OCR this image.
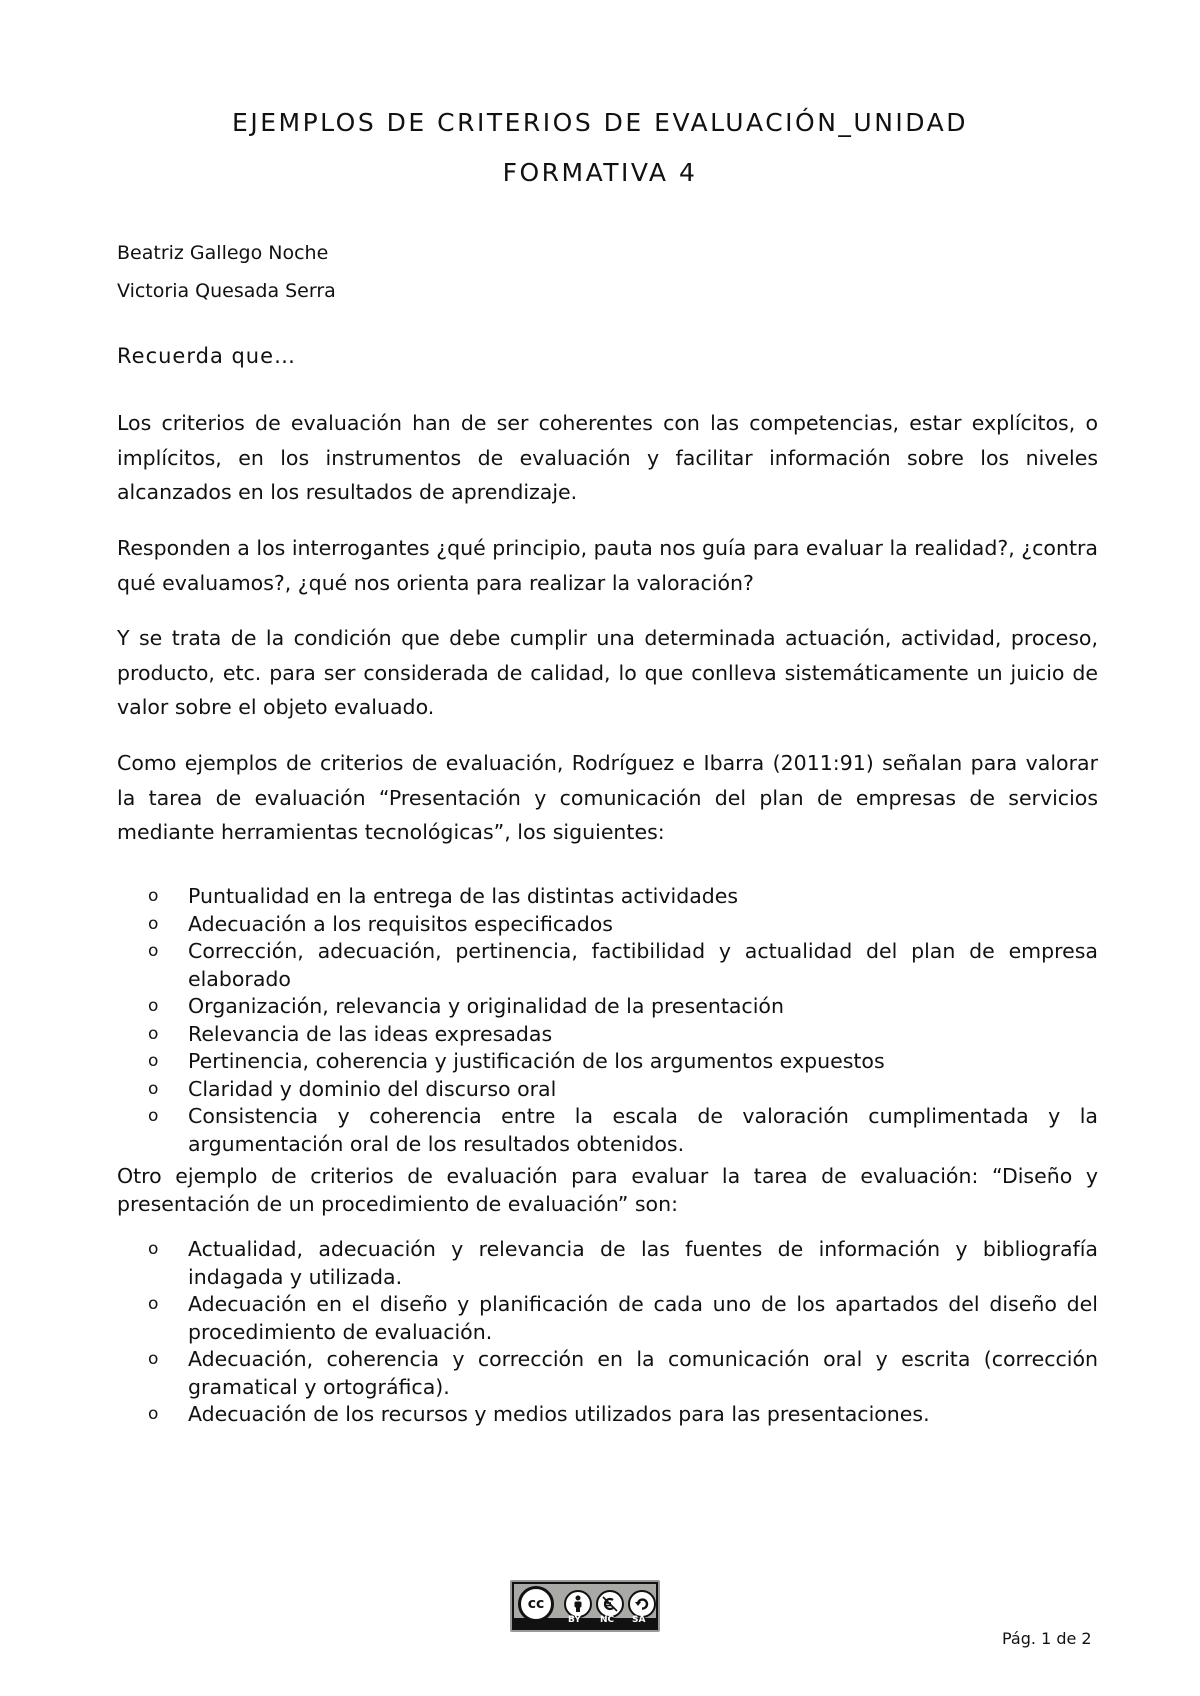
EJEMPLOS DE CRITERIOS DE EVALUACIÓN_UNIDAD
FORMATIVA 4

Beatriz Gallego Noche

Victoria Quesada Serra

Recuerda que…

Los criterios de evaluación han de ser coherentes con las competencias, estar explícitos, o implícitos, en los instrumentos de evaluación y facilitar información sobre los niveles alcanzados en los resultados de aprendizaje.

Responden a los interrogantes ¿qué principio, pauta nos guía para evaluar la realidad?, ¿contra qué evaluamos?, ¿qué nos orienta para realizar la valoración?

Y se trata de la condición que debe cumplir una determinada actuación, actividad, proceso, producto, etc. para ser considerada de calidad, lo que conlleva sistemáticamente un juicio de valor sobre el objeto evaluado.

Como ejemplos de criterios de evaluación, Rodríguez e Ibarra (2011:91) señalan para valorar la tarea de evaluación “Presentación y comunicación del plan de empresas de servicios mediante herramientas tecnológicas”, los siguientes:

o Puntualidad en la entrega de las distintas actividades
o Adecuación a los requisitos especificados
o Corrección, adecuación, pertinencia, factibilidad y actualidad del plan de empresa elaborado
o Organización, relevancia y originalidad de la presentación
o Relevancia de las ideas expresadas
o Pertinencia, coherencia y justificación de los argumentos expuestos
o Claridad y dominio del discurso oral
o Consistencia y coherencia entre la escala de valoración cumplimentada y la argumentación oral de los resultados obtenidos.

Otro ejemplo de criterios de evaluación para evaluar la tarea de evaluación: “Diseño y presentación de un procedimiento de evaluación” son:

o Actualidad, adecuación y relevancia de las fuentes de información y bibliografía indagada y utilizada.
o Adecuación en el diseño y planificación de cada uno de los apartados del diseño del procedimiento de evaluación.
o Adecuación, coherencia y corrección en la comunicación oral y escrita (corrección gramatical y ortográfica).
o Adecuación de los recursos y medios utilizados para las presentaciones.
cc
BY NC SA
Pág. 1 de 2
